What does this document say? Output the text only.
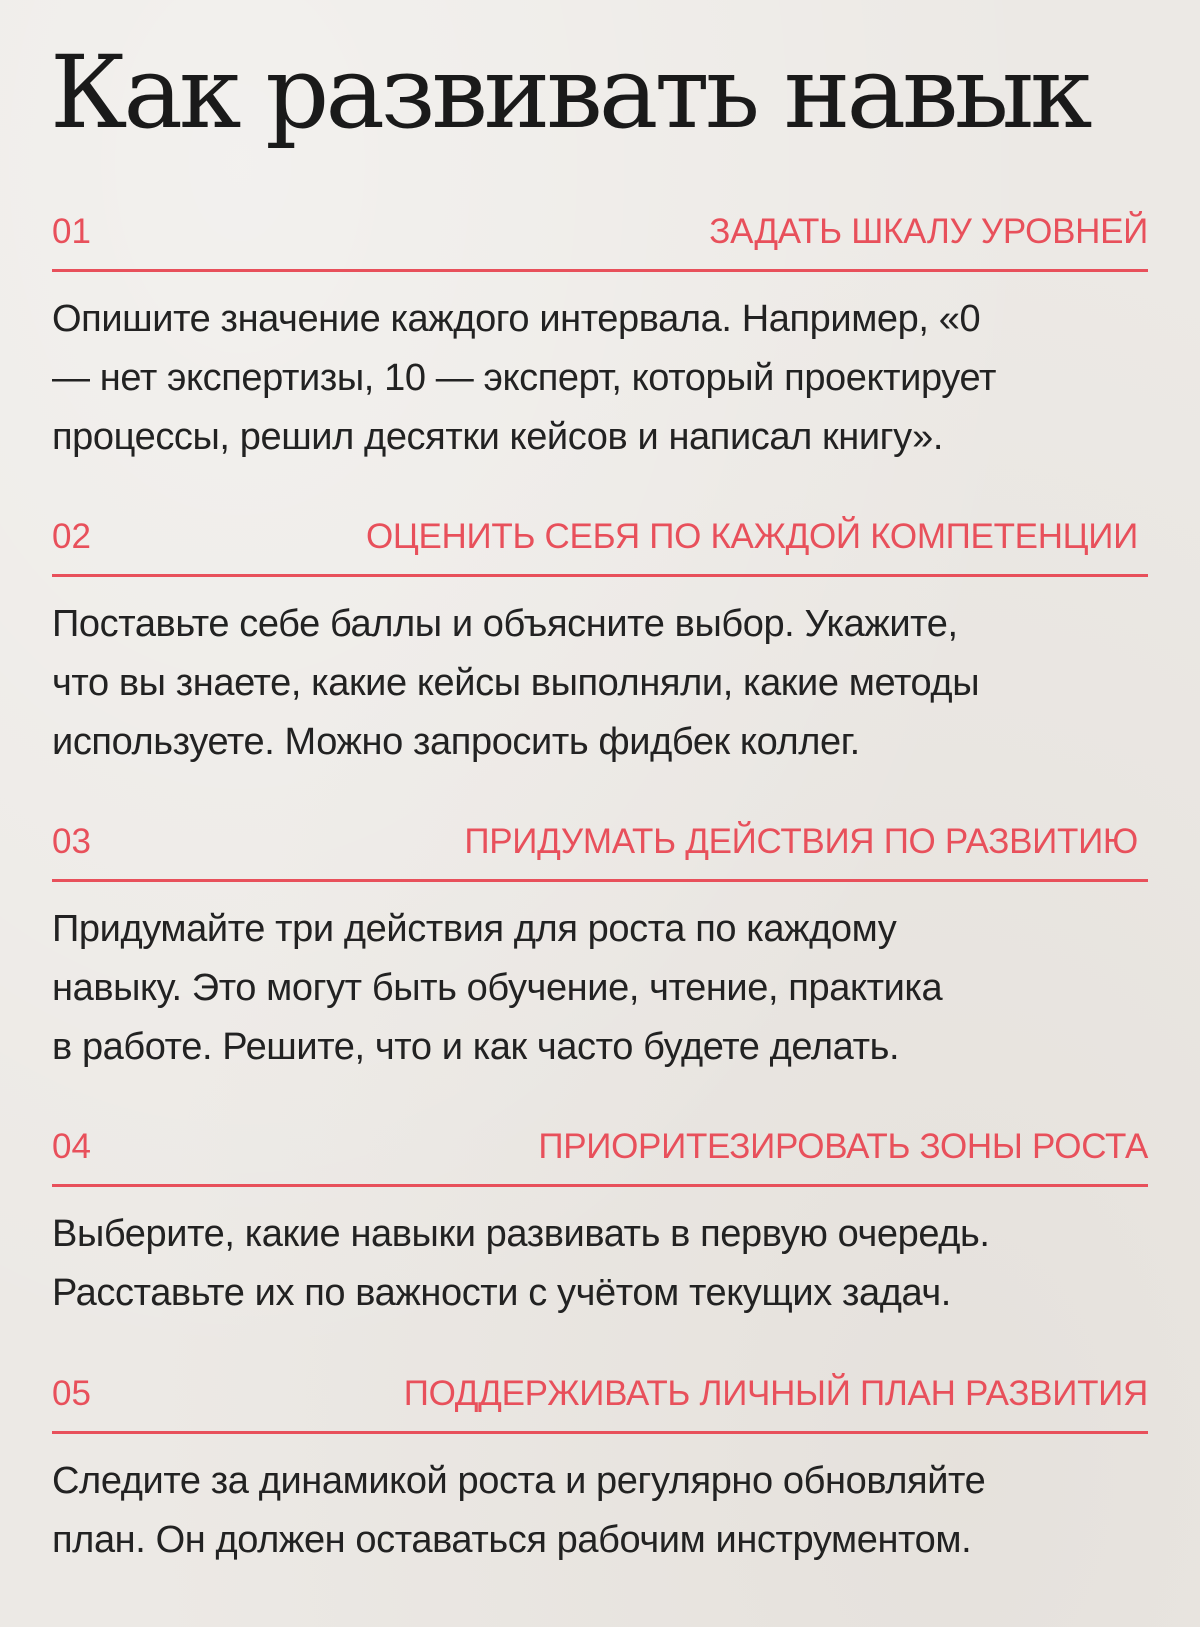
Как развивать навык
01	ЗАДАТЬ ШКАЛУ УРОВНЕЙ

Опишите значение каждого интервала. Например, «0
— нет экспертизы, 10 — эксперт, который проектирует
процессы, решил десятки кейсов и написал книгу».

02	ОЦЕНИТЬ СЕБЯ ПО КАЖДОЙ КОМПЕТЕНЦИИ

Поставьте себе баллы и объясните выбор. Укажите,
что вы знаете, какие кейсы выполняли, какие методы
используете. Можно запросить фидбек коллег.

03	ПРИДУМАТЬ ДЕЙСТВИЯ ПО РАЗВИТИЮ

Придумайте три действия для роста по каждому
навыку. Это могут быть обучение, чтение, практика
в работе. Решите, что и как часто будете делать.

04	ПРИОРИТЕЗИРОВАТЬ ЗОНЫ РОСТА

Выберите, какие навыки развивать в первую очередь.
Расставьте их по важности с учётом текущих задач.

05	ПОДДЕРЖИВАТЬ ЛИЧНЫЙ ПЛАН РАЗВИТИЯ

Следите за динамикой роста и регулярно обновляйте
план. Он должен оставаться рабочим инструментом.
